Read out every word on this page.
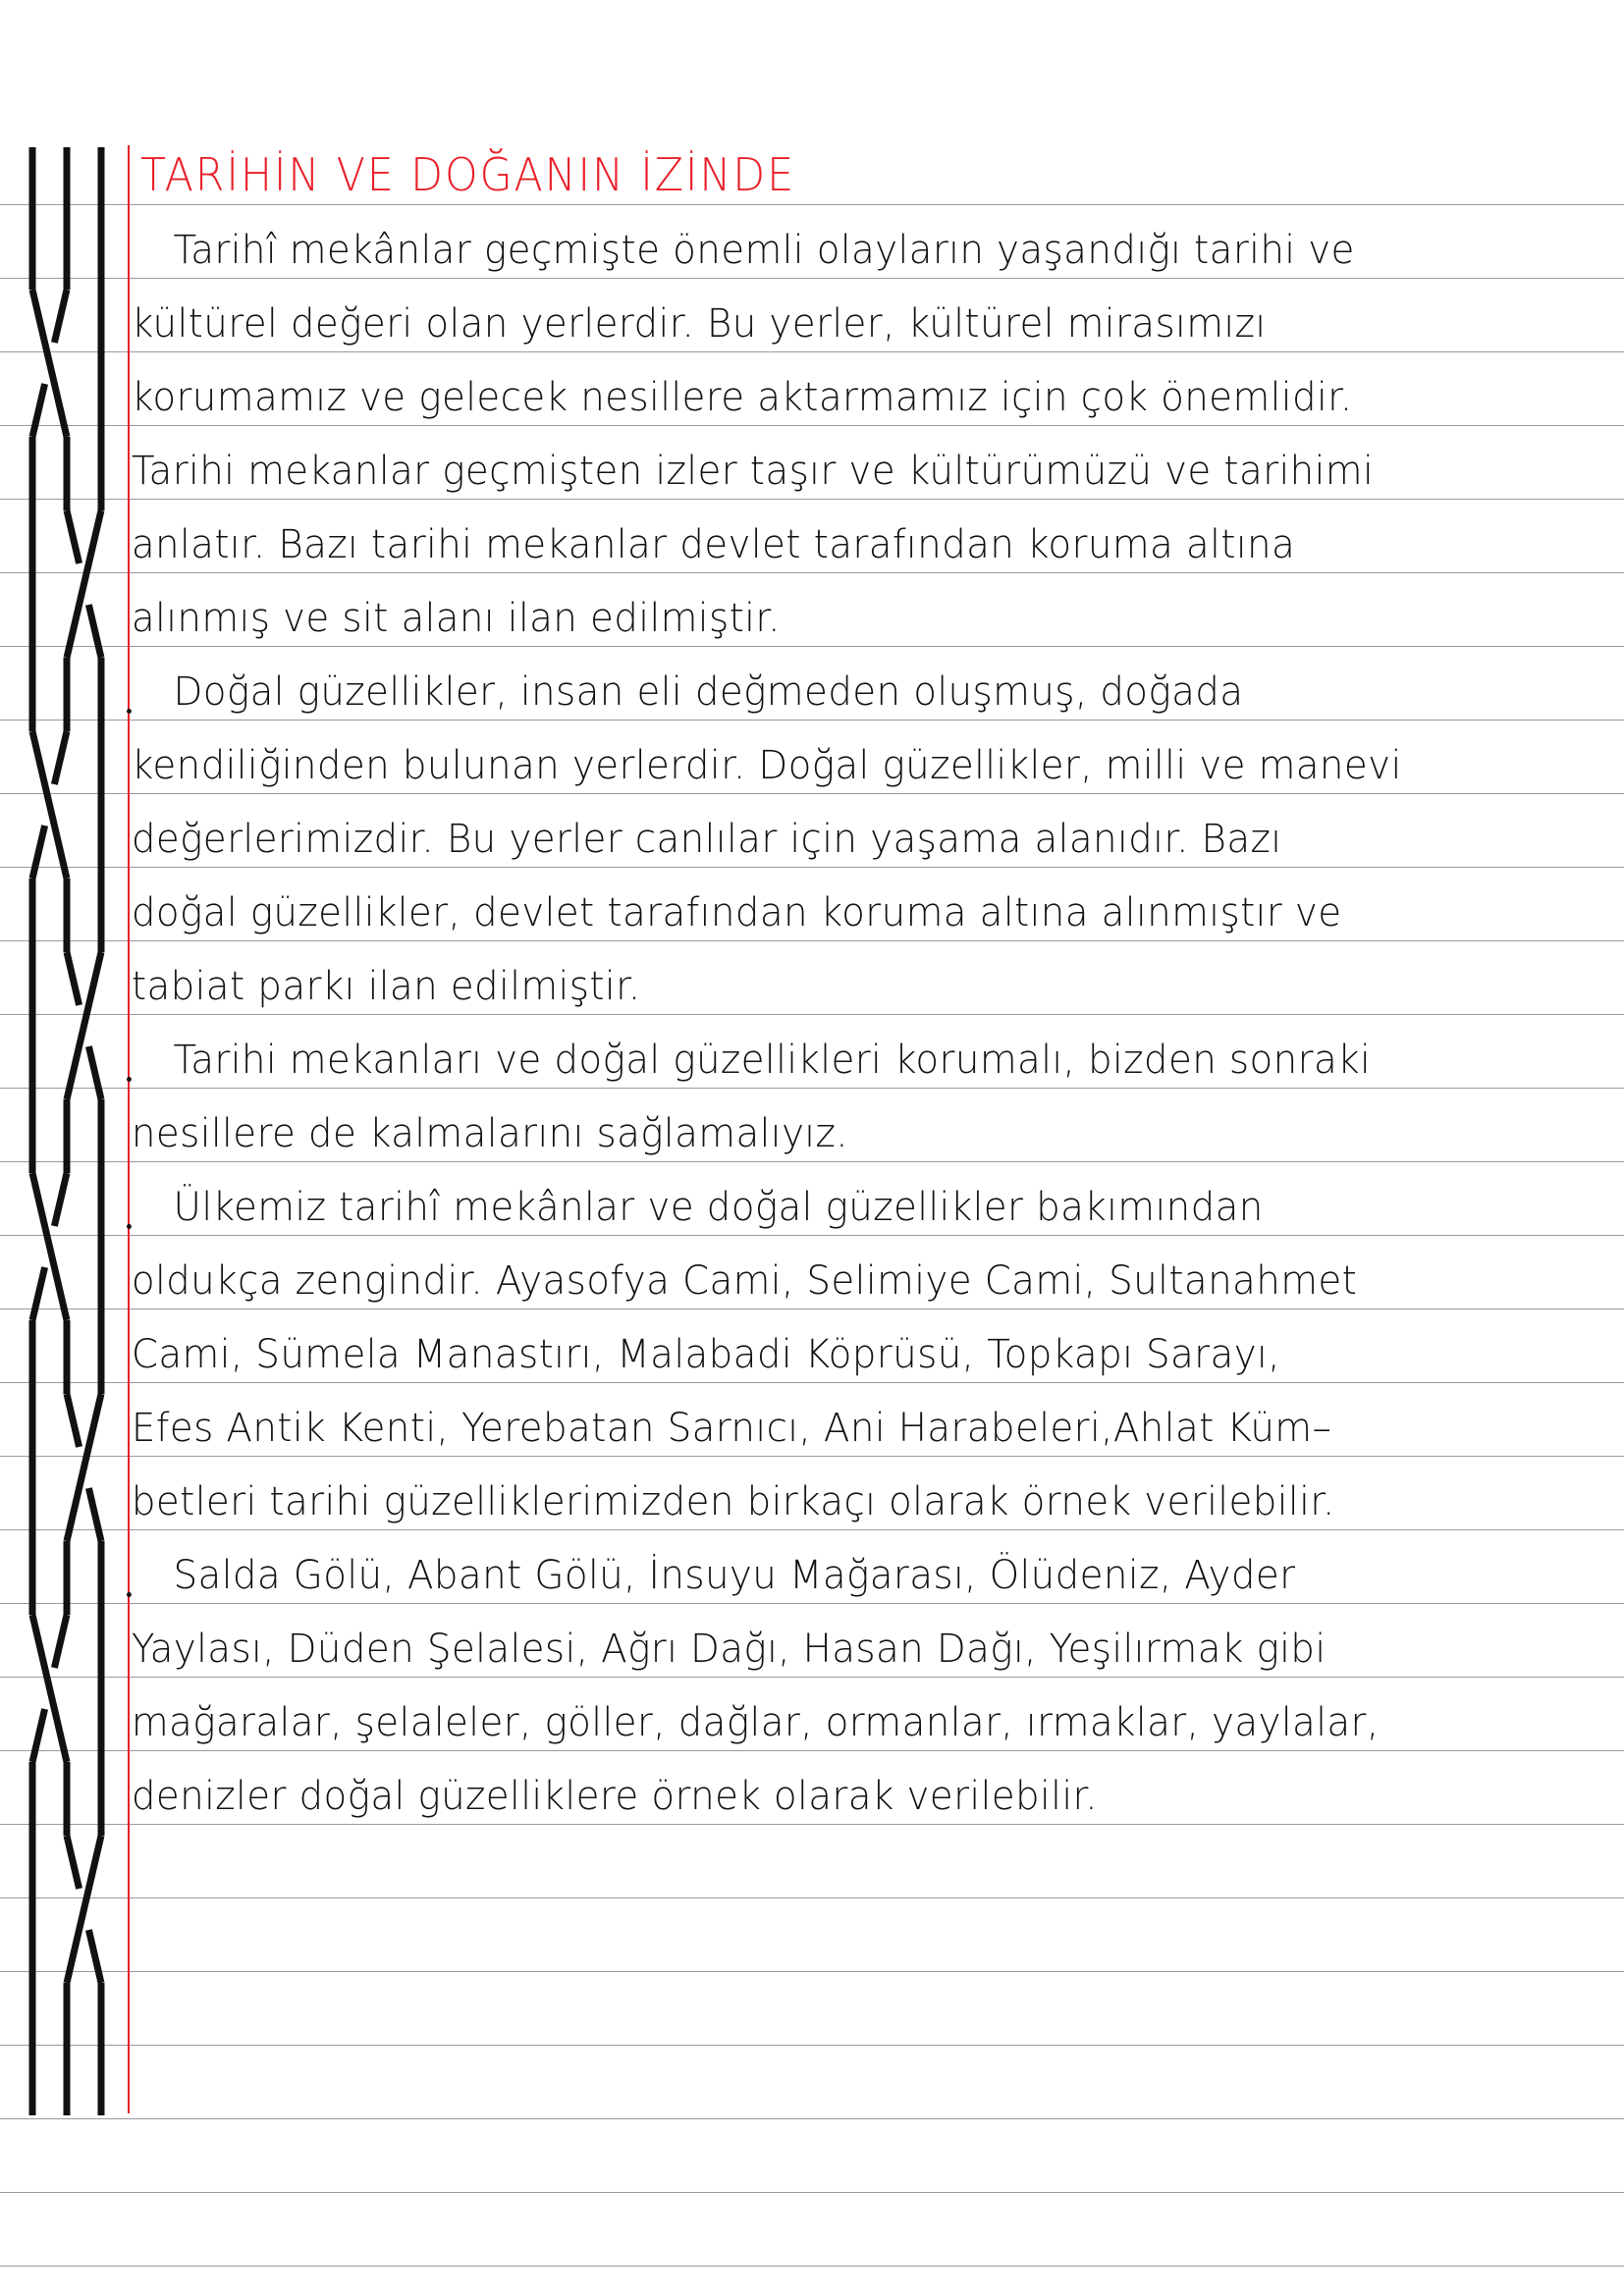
TARİHİN VE DOĞANIN İZİNDE
Tarihî mekânlar geçmişte önemli olayların yaşandığı tarihi ve
kültürel değeri olan yerlerdir. Bu yerler, kültürel mirasımızı
korumamız ve gelecek nesillere aktarmamız için çok önemlidir.
Tarihi mekanlar geçmişten izler taşır ve kültürümüzü ve tarihimi
anlatır. Bazı tarihi mekanlar devlet tarafından koruma altına
alınmış ve sit alanı ilan edilmiştir.
Doğal güzellikler, insan eli değmeden oluşmuş, doğada
kendiliğinden bulunan yerlerdir. Doğal güzellikler, milli ve manevi
değerlerimizdir. Bu yerler canlılar için yaşama alanıdır. Bazı
doğal güzellikler, devlet tarafından koruma altına alınmıştır ve
tabiat parkı ilan edilmiştir.
Tarihi mekanları ve doğal güzellikleri korumalı, bizden sonraki
nesillere de kalmalarını sağlamalıyız.
Ülkemiz tarihî mekânlar ve doğal güzellikler bakımından
oldukça zengindir. Ayasofya Cami, Selimiye Cami, Sultanahmet
Cami, Sümela Manastırı, Malabadi Köprüsü, Topkapı Sarayı,
Efes Antik Kenti, Yerebatan Sarnıcı, Ani Harabeleri,Ahlat Küm–
betleri tarihi güzelliklerimizden birkaçı olarak örnek verilebilir.
Salda Gölü, Abant Gölü, İnsuyu Mağarası, Ölüdeniz, Ayder
Yaylası, Düden Şelalesi, Ağrı Dağı, Hasan Dağı, Yeşilırmak gibi
mağaralar, şelaleler, göller, dağlar, ormanlar, ırmaklar, yaylalar,
denizler doğal güzelliklere örnek olarak verilebilir.
